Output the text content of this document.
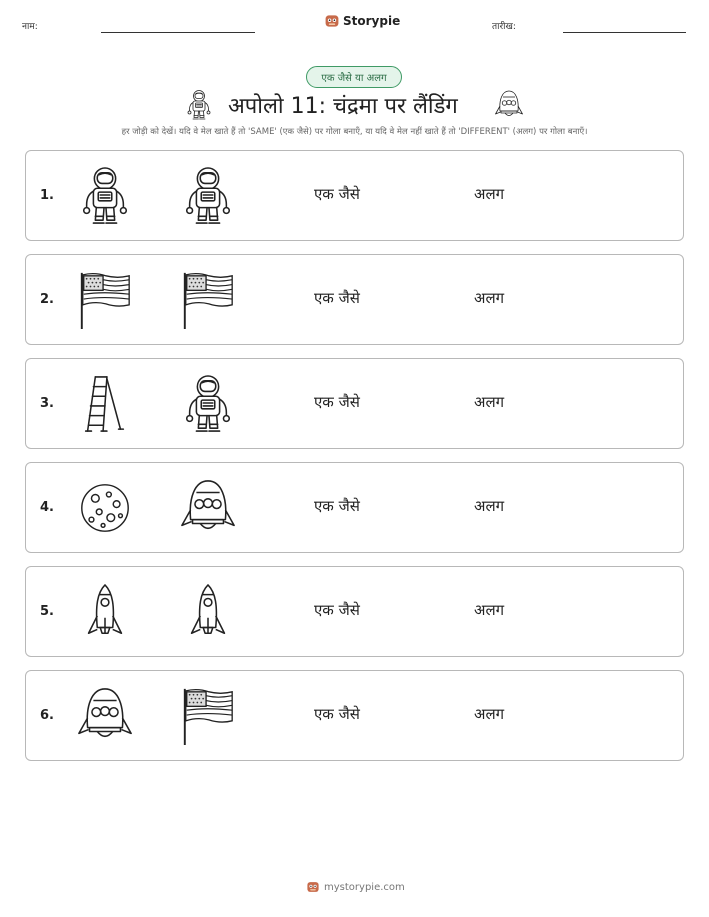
नाम:	Storypie	तारीख:
एक जैसे या अलग
अपोलो 11: चंद्रमा पर लैंडिंग
हर जोड़ी को देखें। यदि वे मेल खाते हैं तो 'SAME' (एक जैसे) पर गोला बनाएँ, या यदि वे मेल नहीं खाते हैं तो 'DIFFERENT' (अलग) पर गोला बनाएँ।
1.	एक जैसे	अलग
2.	एक जैसे	अलग
3.	एक जैसे	अलग
4.	एक जैसे	अलग
5.	एक जैसे	अलग
6.	एक जैसे	अलग
mystorypie.com
